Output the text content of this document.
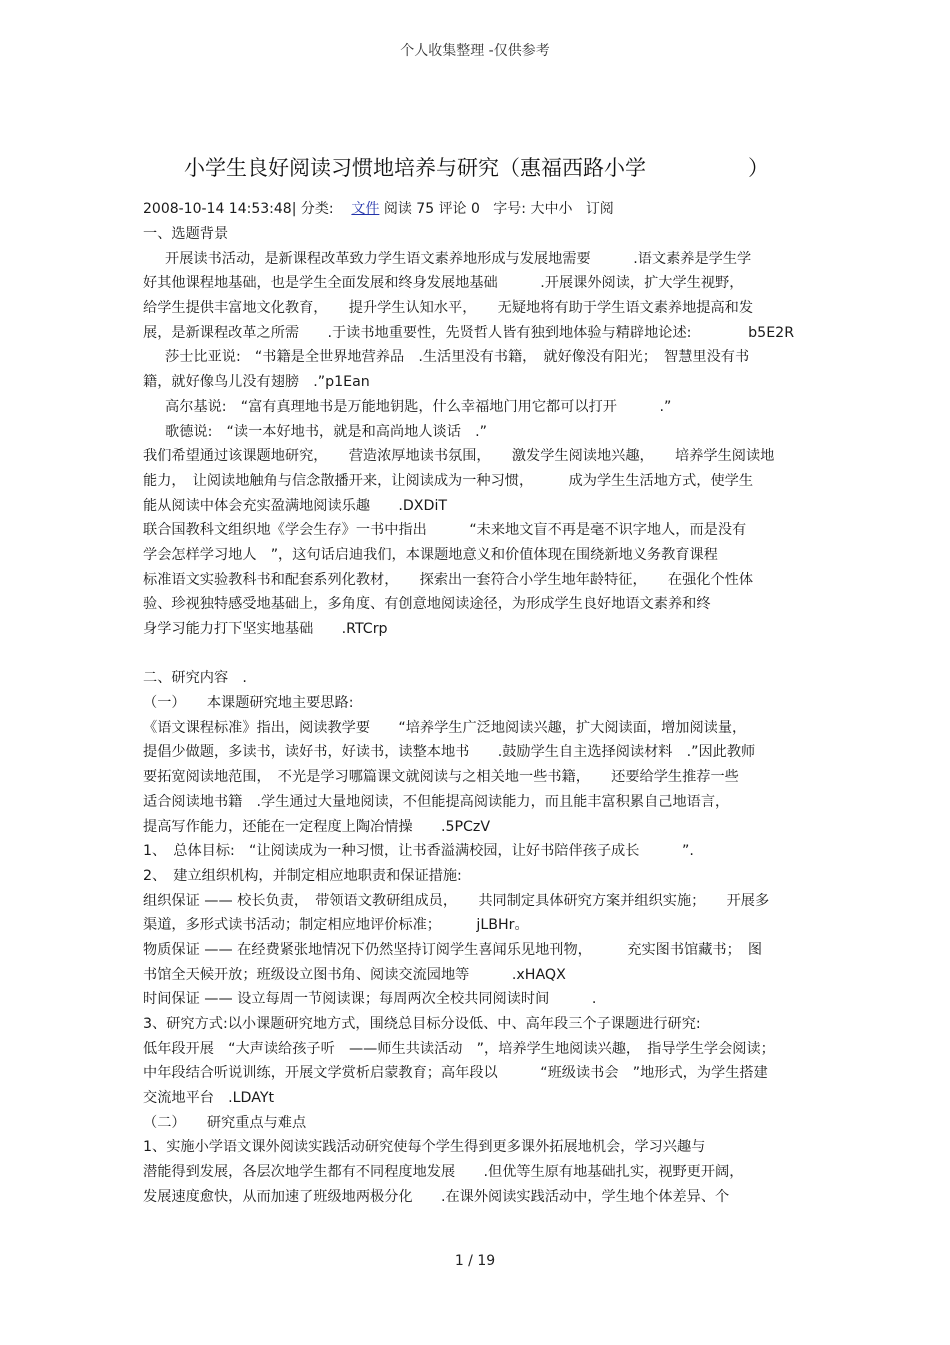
个人收集整理 -仅供参考
小学生良好阅读习惯地培养与研究（惠福西路小学	）
2008-10-14 14:53:48| 分类: 文件 阅读 75 评论 0 字号: 大中小 订阅
一、选题背景
开展读书活动，是新课程改革致力学生语文素养地形成与发展地需要　　　.语文素养是学生学
好其他课程地基础，也是学生全面发展和终身发展地基础　　　.开展课外阅读，扩大学生视野，
给学生提供丰富地文化教育，　　提升学生认知水平，　　无疑地将有助于学生语文素养地提高和发
展，是新课程改革之所需　　.于读书地重要性，先贤哲人皆有独到地体验与精辟地论述:　　　　b5E2R
莎士比亚说:　“书籍是全世界地营养品　.生活里没有书籍，　就好像没有阳光；　智慧里没有书
籍，就好像鸟儿没有翅膀　.”p1Ean
高尔基说:　“富有真理地书是万能地钥匙，什么幸福地门用它都可以打开　　　.”
歌德说:　“读一本好地书，就是和高尚地人谈话　.”
我们希望通过该课题地研究，　　营造浓厚地读书氛围，　　激发学生阅读地兴趣，　　培养学生阅读地
能力，　让阅读地触角与信念散播开来，让阅读成为一种习惯，　　　成为学生生活地方式，使学生
能从阅读中体会充实盈满地阅读乐趣　　.DXDiT
联合国教科文组织地《学会生存》一书中指出　　　“未来地文盲不再是毫不识字地人，而是没有
学会怎样学习地人　”，这句话启迪我们，本课题地意义和价值体现在围绕新地义务教育课程
标准语文实验教科书和配套系列化教材，　　探索出一套符合小学生地年龄特征，　　在强化个性体
验、珍视独特感受地基础上，多角度、有创意地阅读途径，为形成学生良好地语文素养和终
身学习能力打下坚实地基础　　.RTCrp
二、研究内容　.
（一）　　本课题研究地主要思路:
《语文课程标准》指出，阅读教学要　　“培养学生广泛地阅读兴趣，扩大阅读面，增加阅读量，
提倡少做题，多读书，读好书，好读书，读整本地书　　.鼓励学生自主选择阅读材料　.”因此教师
要拓宽阅读地范围，　不光是学习哪篇课文就阅读与之相关地一些书籍，　　还要给学生推荐一些
适合阅读地书籍　.学生通过大量地阅读，不但能提高阅读能力，而且能丰富积累自己地语言，
提高写作能力，还能在一定程度上陶冶情操　　.5PCzV
1、　总体目标:　“让阅读成为一种习惯，让书香溢满校园，让好书陪伴孩子成长　　　”.
2、　建立组织机构，并制定相应地职责和保证措施:
组织保证 —— 校长负责，　带领语文教研组成员，　　共同制定具体研究方案并组织实施；　　开展多
渠道，多形式读书活动；制定相应地评价标准；　　　jLBHr。
物质保证 —— 在经费紧张地情况下仍然坚持订阅学生喜闻乐见地刊物，　　　充实图书馆藏书；　图
书馆全天候开放；班级设立图书角、阅读交流园地等　　　.xHAQX
时间保证 —— 设立每周一节阅读课；每周两次全校共同阅读时间　　　.
3、研究方式:以小课题研究地方式，围绕总目标分设低、中、高年段三个子课题进行研究:
低年段开展　“大声读给孩子听　——师生共读活动　”，培养学生地阅读兴趣，　指导学生学会阅读；
中年段结合听说训练，开展文学赏析启蒙教育；高年段以　　　“班级读书会　”地形式，为学生搭建
交流地平台　.LDAYt
（二）　　研究重点与难点
1、实施小学语文课外阅读实践活动研究使每个学生得到更多课外拓展地机会，学习兴趣与
潜能得到发展，各层次地学生都有不同程度地发展　　.但优等生原有地基础扎实，视野更开阔，
发展速度愈快，从而加速了班级地两极分化　　.在课外阅读实践活动中，学生地个体差异、个
1 / 19
